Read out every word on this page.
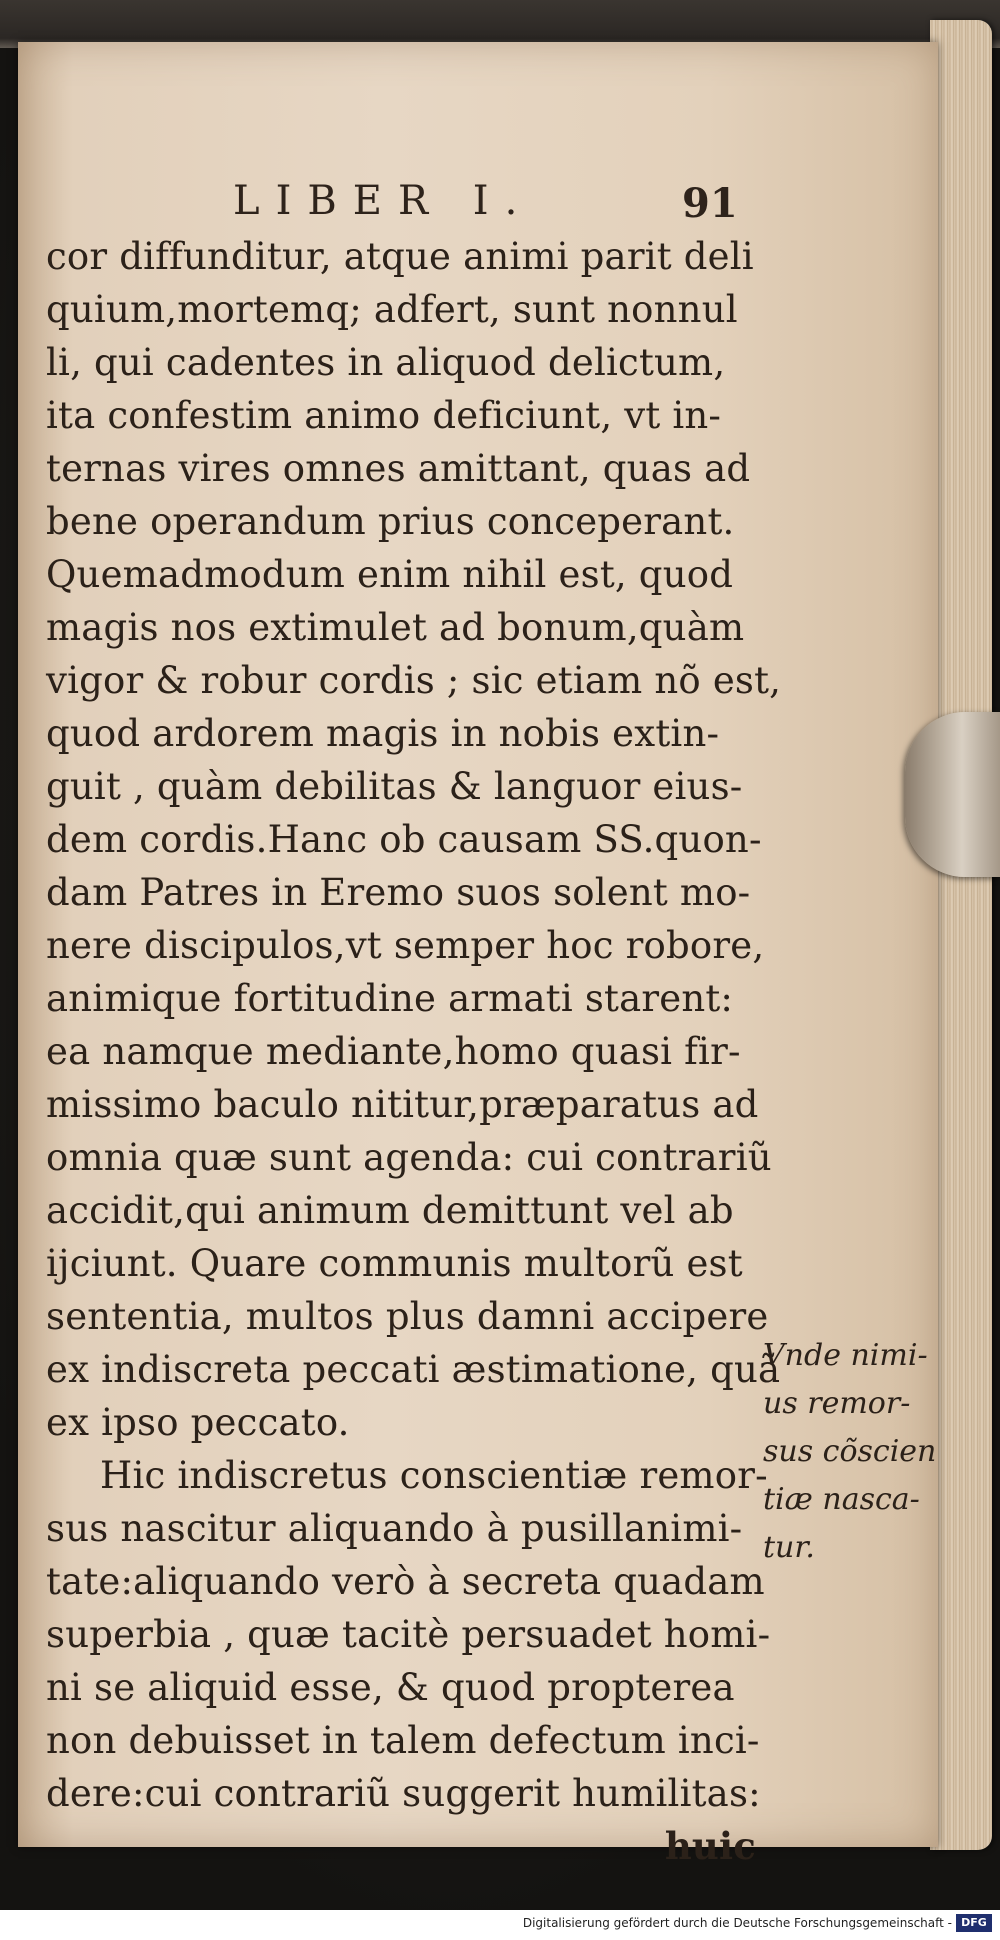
LIBER I.	91
cor diffunditur, atque animi parit deli
quium,mortemq; adfert, sunt nonnul
li, qui cadentes in aliquod delictum,
ita confestim animo deficiunt, vt in-
ternas vires omnes amittant, quas ad
bene operandum prius conceperant.
Quemadmodum enim nihil est, quod
magis nos extimulet ad bonum,quàm
vigor & robur cordis ; sic etiam nõ est,
quod ardorem magis in nobis extin-
guit , quàm debilitas & languor eius-
dem cordis.Hanc ob causam SS.quon-
dam Patres in Eremo suos solent mo-
nere discipulos,vt semper hoc robore,
animique fortitudine armati starent:
ea namque mediante,homo quasi fir-
missimo baculo nititur,præparatus ad
omnia quæ sunt agenda: cui contrariũ
accidit,qui animum demittunt vel ab
ijciunt. Quare communis multorũ est
sententia, multos plus damni accipere
ex indiscreta peccati æstimatione, quã
ex ipso peccato.
Hic indiscretus conscientiæ remor-
sus nascitur aliquando à pusillanimi-
tate:aliquando verò à secreta quadam
superbia , quæ tacitè persuadet homi-
ni se aliquid esse, & quod propterea
non debuisset in talem defectum inci-
dere:cui contrariũ suggerit humilitas:
huic
Vnde nimi-
us remor-
sus cõscien
tiæ nasca-
tur.
Digitalisierung gefördert durch die Deutsche Forschungsgemeinschaft - DFG
